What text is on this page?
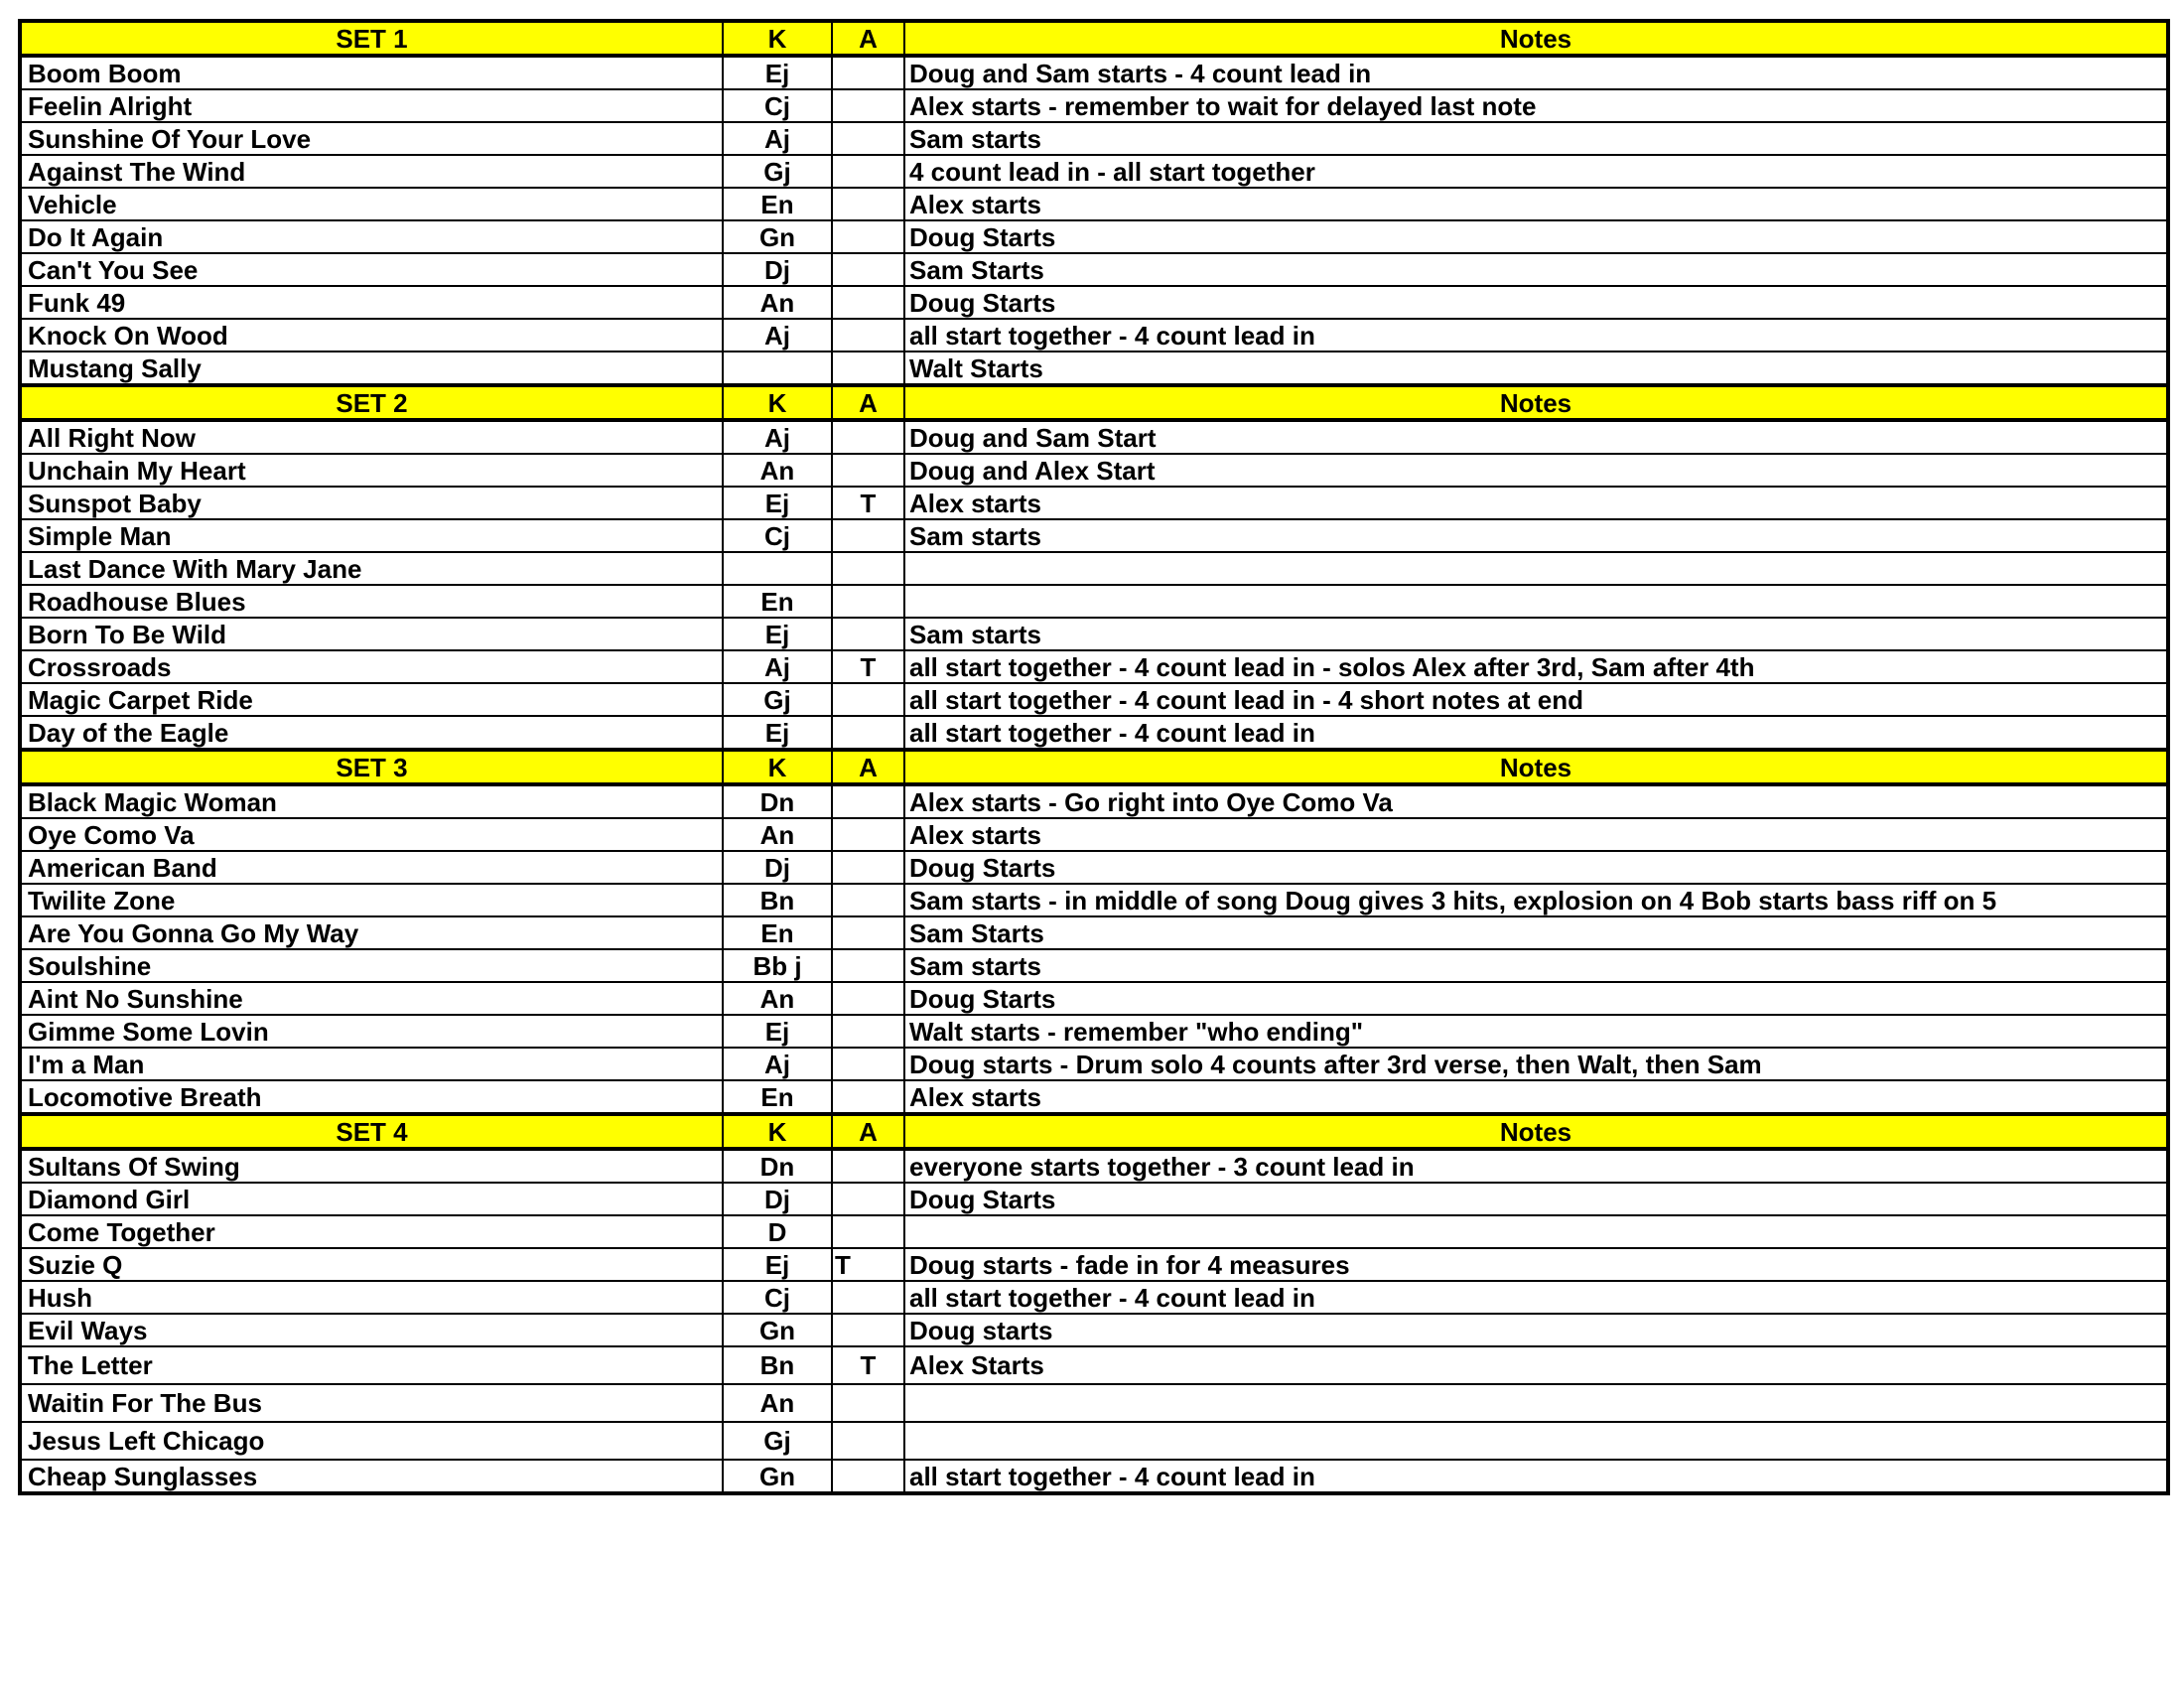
SET 1	K	A	Notes
Boom Boom	Ej		Doug and Sam starts - 4 count lead in
Feelin Alright	Cj		Alex starts - remember to wait for delayed last note
Sunshine Of Your Love	Aj		Sam starts
Against The Wind	Gj		4 count lead in - all start together
Vehicle	En		Alex starts
Do It Again	Gn		Doug Starts
Can't You See	Dj		Sam Starts
Funk 49	An		Doug Starts
Knock On Wood	Aj		all start together - 4 count lead in
Mustang Sally			Walt Starts
SET 2	K	A	Notes
All Right Now	Aj		Doug and Sam Start
Unchain My Heart	An		Doug and Alex Start
Sunspot Baby	Ej	T	Alex starts
Simple Man	Cj		Sam starts
Last Dance With Mary Jane			
Roadhouse Blues	En		
Born To Be Wild	Ej		Sam starts
Crossroads	Aj	T	all start together - 4 count lead in - solos Alex after 3rd, Sam after 4th
Magic Carpet Ride	Gj		all start together - 4 count lead in - 4 short notes at end
Day of the Eagle	Ej		all start together - 4 count lead in
SET 3	K	A	Notes
Black Magic Woman	Dn		Alex starts - Go right into Oye Como Va
Oye Como Va	An		Alex starts
American Band	Dj		Doug Starts
Twilite Zone	Bn		Sam starts - in middle of song Doug gives 3 hits, explosion on 4 Bob starts bass riff on 5
Are You Gonna Go My Way	En		Sam Starts
Soulshine	Bb j		Sam starts
Aint No Sunshine	An		Doug Starts
Gimme Some Lovin	Ej		Walt starts - remember "who ending"
I'm a Man	Aj		Doug starts - Drum solo 4 counts after 3rd verse, then Walt, then Sam
Locomotive Breath	En		Alex starts
SET 4	K	A	Notes
Sultans Of Swing	Dn		everyone starts together - 3 count lead in
Diamond Girl	Dj		Doug Starts
Come Together	D		
Suzie Q	Ej	T	Doug starts - fade in for 4 measures
Hush	Cj		all start together - 4 count lead in
Evil Ways	Gn		Doug starts
The Letter	Bn	T	Alex Starts
Waitin For The Bus	An		
Jesus Left Chicago	Gj		
Cheap Sunglasses	Gn		all start together - 4 count lead in
